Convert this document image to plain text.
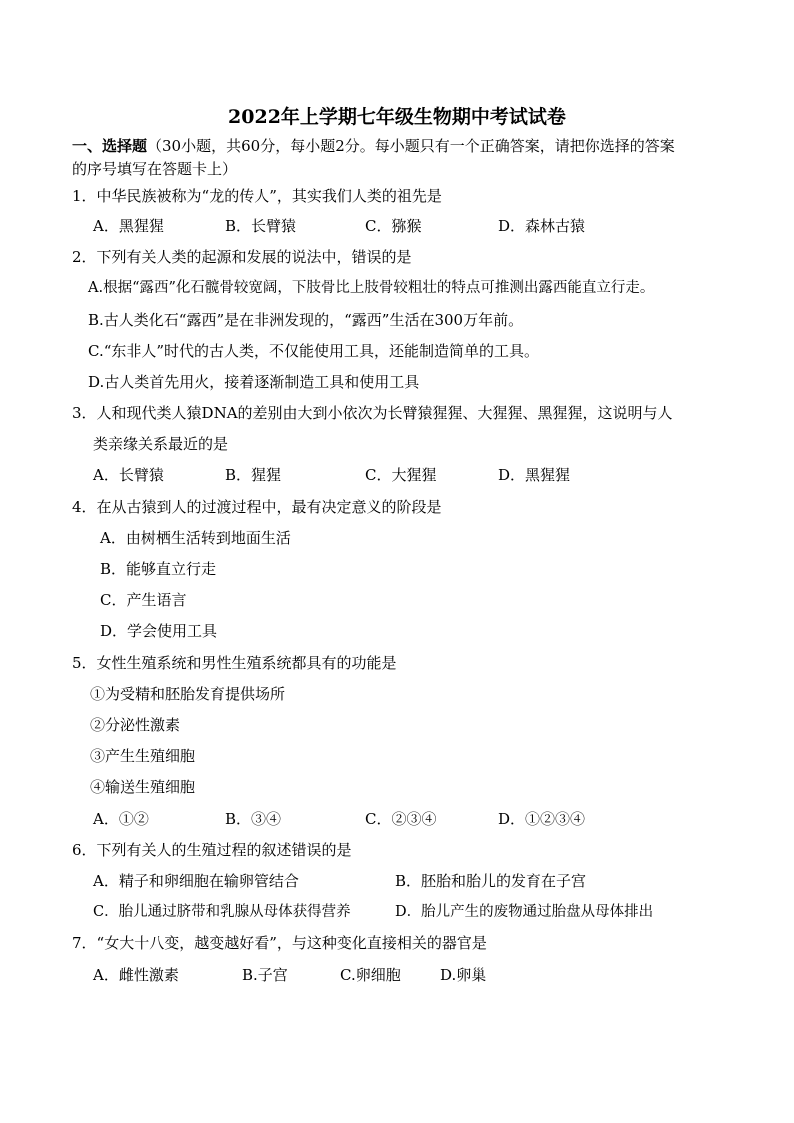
2022年上学期七年级生物期中考试试卷
一、选择题（30小题，共60分，每小题2分。每小题只有一个正确答案，请把你选择的答案
的序号填写在答题卡上）
1．中华民族被称为“龙的传人”，其实我们人类的祖先是
A．黑猩猩	B．长臂猿	C．猕猴	D．森林古猿
2．下列有关人类的起源和发展的说法中，错误的是
A.根据“露西”化石髋骨较宽阔，下肢骨比上肢骨较粗壮的特点可推测出露西能直立行走。
B.古人类化石“露西”是在非洲发现的，“露西”生活在300万年前。
C.“东非人”时代的古人类，不仅能使用工具，还能制造简单的工具。
D.古人类首先用火，接着逐渐制造工具和使用工具
3．人和现代类人猿DNA的差别由大到小依次为长臂猿猩猩、大猩猩、黑猩猩，这说明与人
类亲缘关系最近的是
A．长臂猿	B．猩猩	C．大猩猩	D．黑猩猩
4．在从古猿到人的过渡过程中，最有决定意义的阶段是
A．由树栖生活转到地面生活
B．能够直立行走
C．产生语言
D．学会使用工具
5．女性生殖系统和男性生殖系统都具有的功能是
①为受精和胚胎发育提供场所
②分泌性激素
③产生生殖细胞
④输送生殖细胞
A．①②	B．③④	C．②③④	D．①②③④
6．下列有关人的生殖过程的叙述错误的是
A．精子和卵细胞在输卵管结合	B．胚胎和胎儿的发育在子宫
C．胎儿通过脐带和乳腺从母体获得营养	D．胎儿产生的废物通过胎盘从母体排出
7．“女大十八变，越变越好看”，与这种变化直接相关的器官是
A．雌性激素	B.子宫	C.卵细胞	D.卵巢
